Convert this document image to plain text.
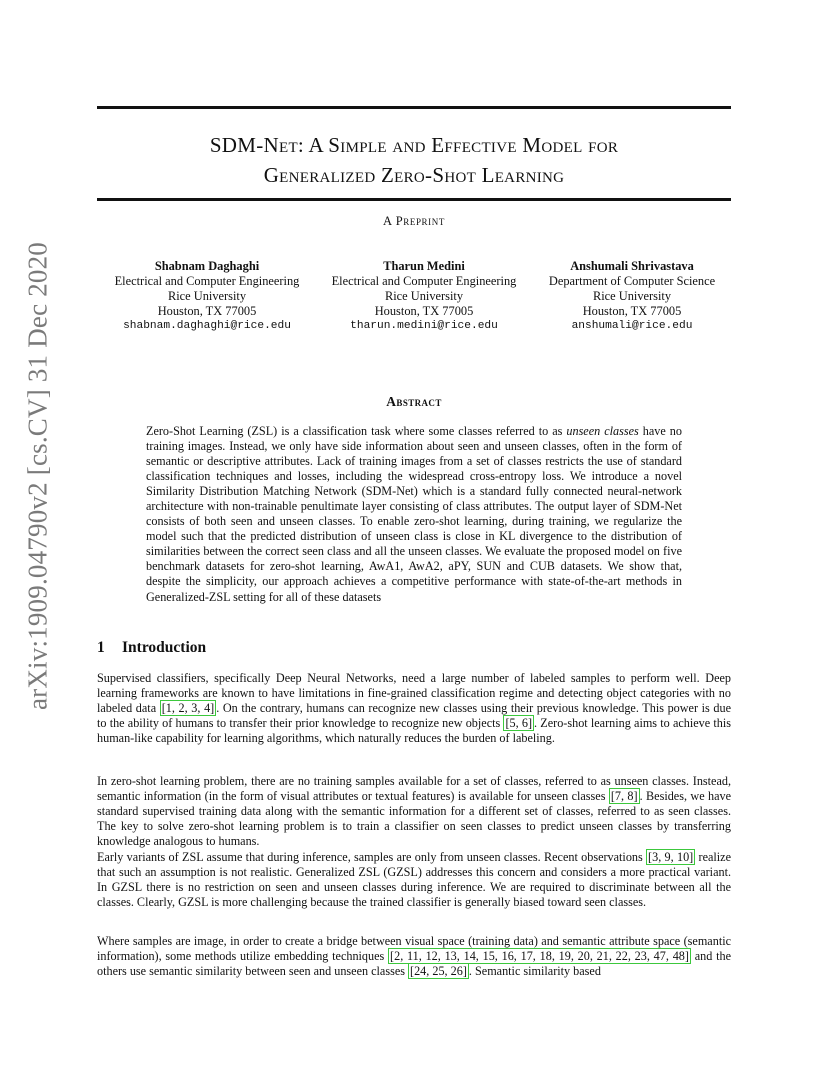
arXiv:1909.04790v2 [cs.CV] 31 Dec 2020
SDM-Net: A Simple and Effective Model for
Generalized Zero-Shot Learning
A Preprint
Shabnam Daghaghi
Electrical and Computer Engineering
Rice University
Houston, TX 77005
shabnam.daghaghi@rice.edu
Tharun Medini
Electrical and Computer Engineering
Rice University
Houston, TX 77005
tharun.medini@rice.edu
Anshumali Shrivastava
Department of Computer Science
Rice University
Houston, TX 77005
anshumali@rice.edu
Abstract
Zero-Shot Learning (ZSL) is a classification task where some classes referred to as unseen classes have no training images. Instead, we only have side information about seen and unseen classes, often in the form of semantic or descriptive attributes. Lack of training images from a set of classes restricts the use of standard classification techniques and losses, including the widespread cross-entropy loss. We introduce a novel Similarity Distribution Matching Network (SDM-Net) which is a standard fully connected neural-network architecture with non-trainable penultimate layer consisting of class attributes. The output layer of SDM-Net consists of both seen and unseen classes. To enable zero-shot learning, during training, we regularize the model such that the predicted distribution of unseen class is close in KL divergence to the distribution of similarities between the correct seen class and all the unseen classes. We evaluate the proposed model on five benchmark datasets for zero-shot learning, AwA1, AwA2, aPY, SUN and CUB datasets. We show that, despite the simplicity, our approach achieves a competitive performance with state-of-the-art methods in Generalized-ZSL setting for all of these datasets
1 Introduction
Supervised classifiers, specifically Deep Neural Networks, need a large number of labeled samples to perform well. Deep learning frameworks are known to have limitations in fine-grained classification regime and detecting object categories with no labeled data [1, 2, 3, 4] . On the contrary, humans can recognize new classes using their previous knowledge. This power is due to the ability of humans to transfer their prior knowledge to recognize new objects [5, 6] . Zero-shot learning aims to achieve this human-like capability for learning algorithms, which naturally reduces the burden of labeling.
In zero-shot learning problem, there are no training samples available for a set of classes, referred to as unseen classes. Instead, semantic information (in the form of visual attributes or textual features) is available for unseen classes [7, 8] . Besides, we have standard supervised training data along with the semantic information for a different set of classes, referred to as seen classes. The key to solve zero-shot learning problem is to train a classifier on seen classes to predict unseen classes by transferring knowledge analogous to humans.
Early variants of ZSL assume that during inference, samples are only from unseen classes. Recent observations [3, 9, 10] realize that such an assumption is not realistic. Generalized ZSL (GZSL) addresses this concern and considers a more practical variant. In GZSL there is no restriction on seen and unseen classes during inference. We are required to discriminate between all the classes. Clearly, GZSL is more challenging because the trained classifier is generally biased toward seen classes.
Where samples are image, in order to create a bridge between visual space (training data) and semantic attribute space (semantic information), some methods utilize embedding techniques [2, 11, 12, 13, 14, 15, 16, 17, 18, 19, 20, 21, 22, 23, 47, 48] and the others use semantic similarity between seen and unseen classes [24, 25, 26] . Semantic similarity based
